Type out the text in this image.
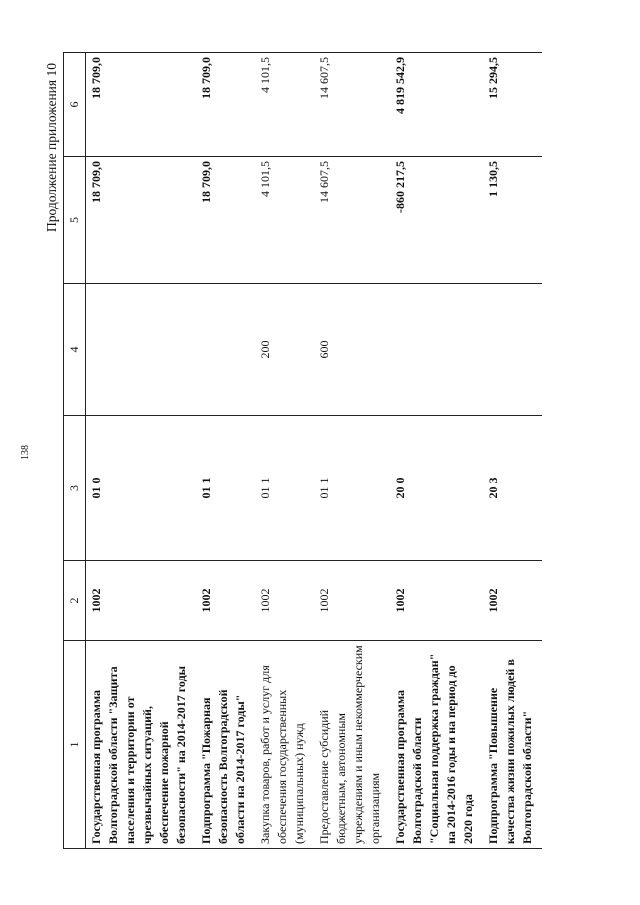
138
Продолжение приложения 10
1	2	3	4	5	6
Государственная программа Волгоградской области "Защита населения и территории от чрезвычайных ситуаций, обеспечение пожарной безопасности" на 2014-2017 годы	1002	01 0		18 709,0	18 709,0
Подпрограмма "Пожарная безопасность Волгоградской области на 2014-2017 годы"	1002	01 1		18 709,0	18 709,0
Закупка товаров, работ и услуг для обеспечения государственных (муниципальных) нужд	1002	01 1	200	4 101,5	4 101,5
Предоставление субсидий бюджетным, автономным учреждениям и иным некоммерческим организациям	1002	01 1	600	14 607,5	14 607,5
Государственная программа Волгоградской области "Социальная поддержка граждан" на 2014-2016 годы и на период до 2020 года	1002	20 0		-860 217,5	4 819 542,9
Подпрограмма "Повышение качества жизни пожилых людей в Волгоградской области"	1002	20 3		1 130,5	15 294,5
